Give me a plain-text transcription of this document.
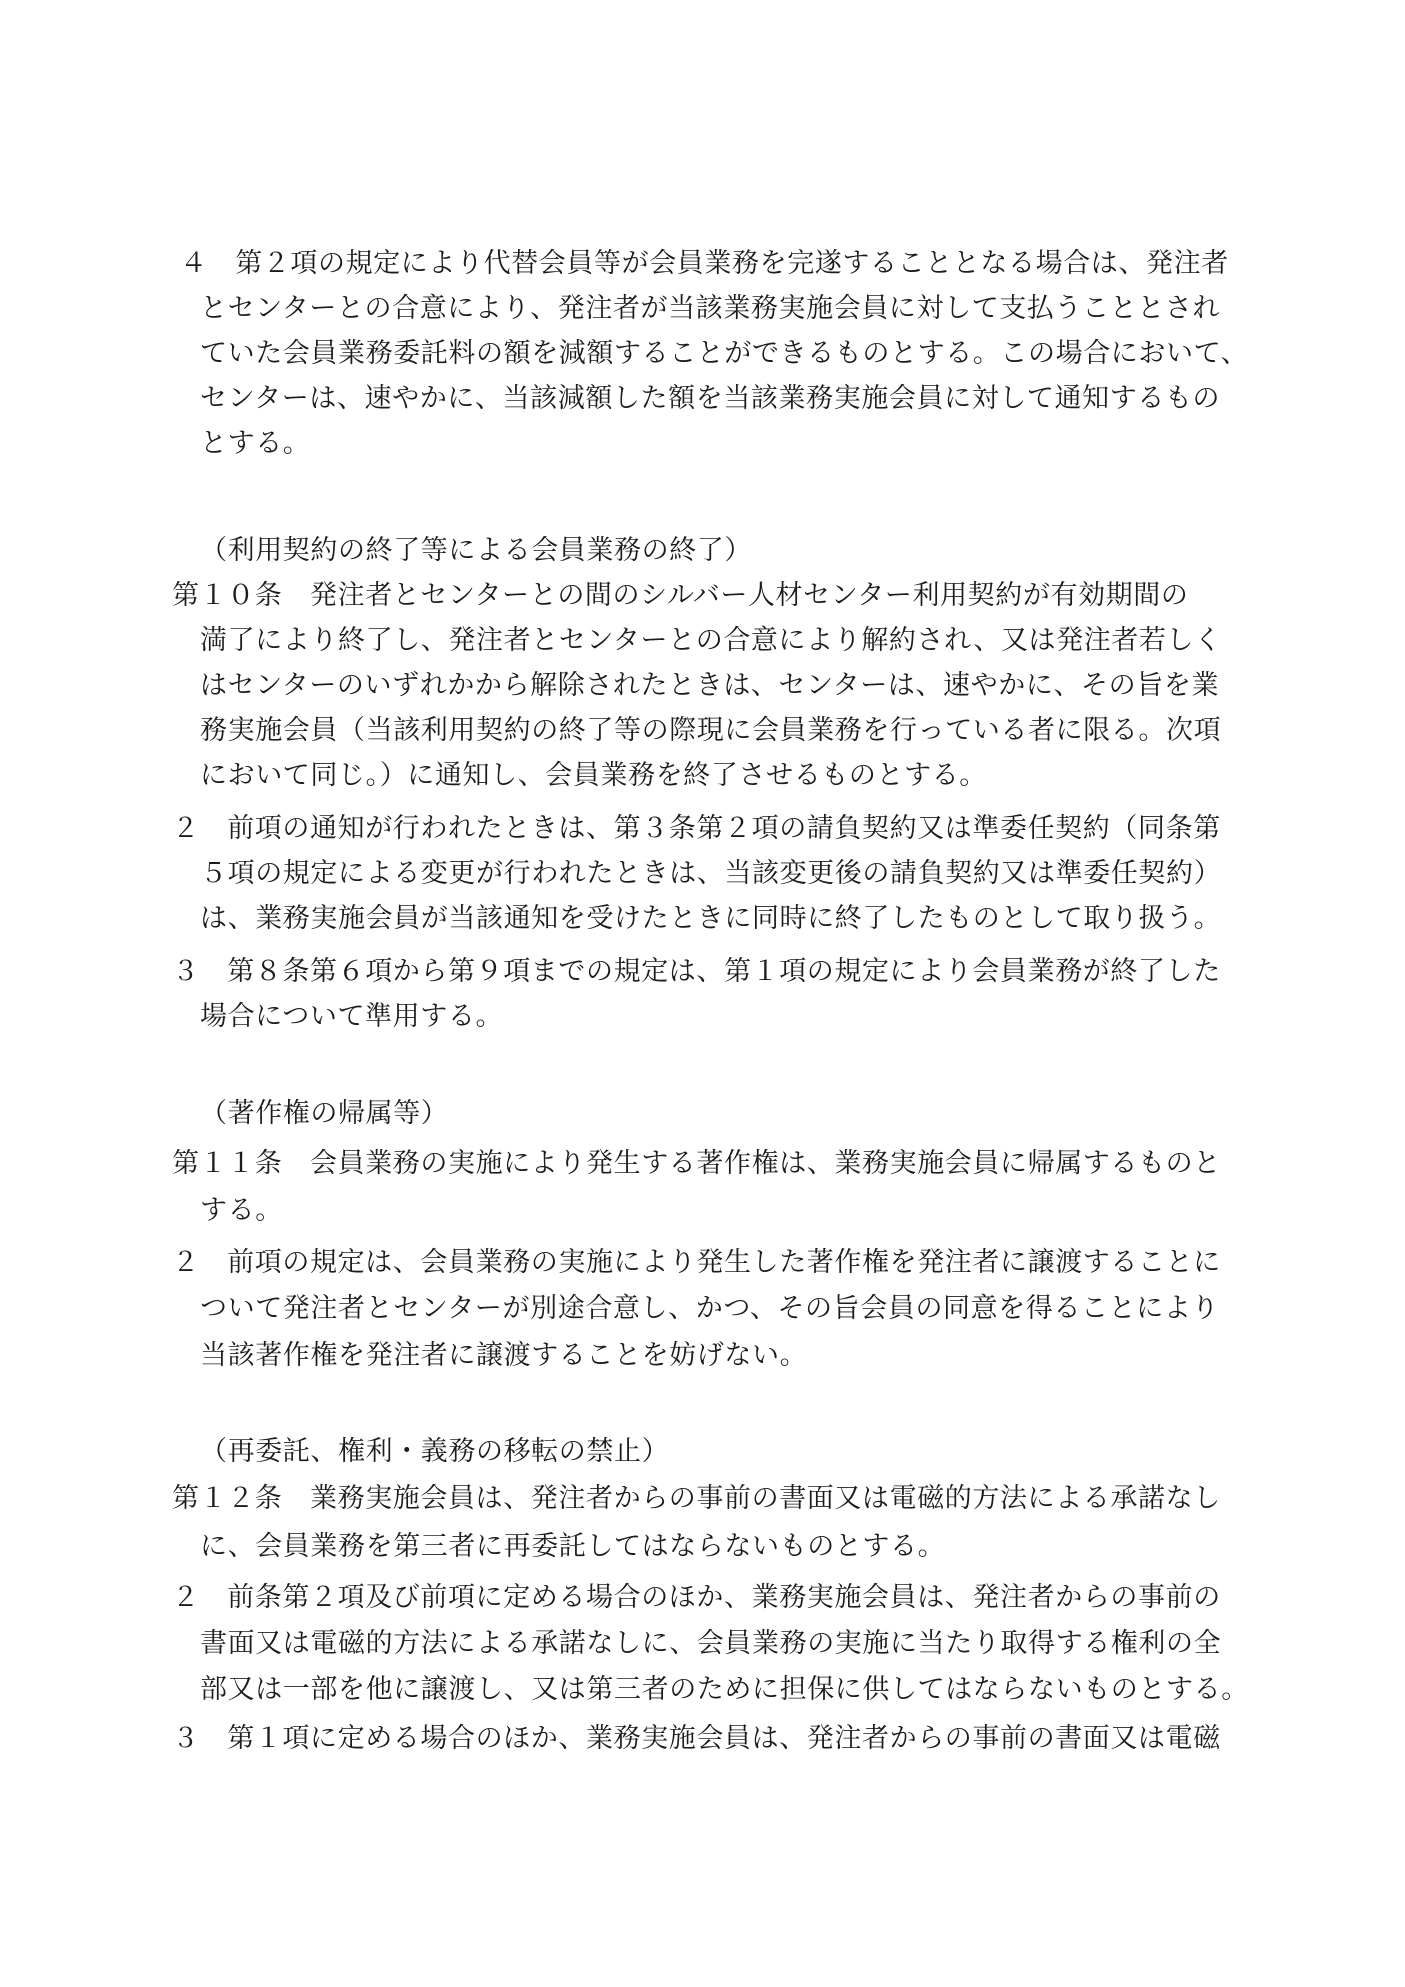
４　第２項の規定により代替会員等が会員業務を完遂することとなる場合は、発注者
とセンターとの合意により、発注者が当該業務実施会員に対して支払うこととされ
ていた会員業務委託料の額を減額することができるものとする。この場合において、
センターは、速やかに、当該減額した額を当該業務実施会員に対して通知するもの
とする。
（利用契約の終了等による会員業務の終了）
第１０条　発注者とセンターとの間のシルバー人材センター利用契約が有効期間の
満了により終了し、発注者とセンターとの合意により解約され、又は発注者若しく
はセンターのいずれかから解除されたときは、センターは、速やかに、その旨を業
務実施会員（当該利用契約の終了等の際現に会員業務を行っている者に限る。次項
において同じ。）に通知し、会員業務を終了させるものとする。
２　前項の通知が行われたときは、第３条第２項の請負契約又は準委任契約（同条第
５項の規定による変更が行われたときは、当該変更後の請負契約又は準委任契約）
は、業務実施会員が当該通知を受けたときに同時に終了したものとして取り扱う。
３　第８条第６項から第９項までの規定は、第１項の規定により会員業務が終了した
場合について準用する。
（著作権の帰属等）
第１１条　会員業務の実施により発生する著作権は、業務実施会員に帰属するものと
する。
２　前項の規定は、会員業務の実施により発生した著作権を発注者に譲渡することに
ついて発注者とセンターが別途合意し、かつ、その旨会員の同意を得ることにより
当該著作権を発注者に譲渡することを妨げない。
（再委託、権利・義務の移転の禁止）
第１２条　業務実施会員は、発注者からの事前の書面又は電磁的方法による承諾なし
に、会員業務を第三者に再委託してはならないものとする。
２　前条第２項及び前項に定める場合のほか、業務実施会員は、発注者からの事前の
書面又は電磁的方法による承諾なしに、会員業務の実施に当たり取得する権利の全
部又は一部を他に譲渡し、又は第三者のために担保に供してはならないものとする。
３　第１項に定める場合のほか、業務実施会員は、発注者からの事前の書面又は電磁
